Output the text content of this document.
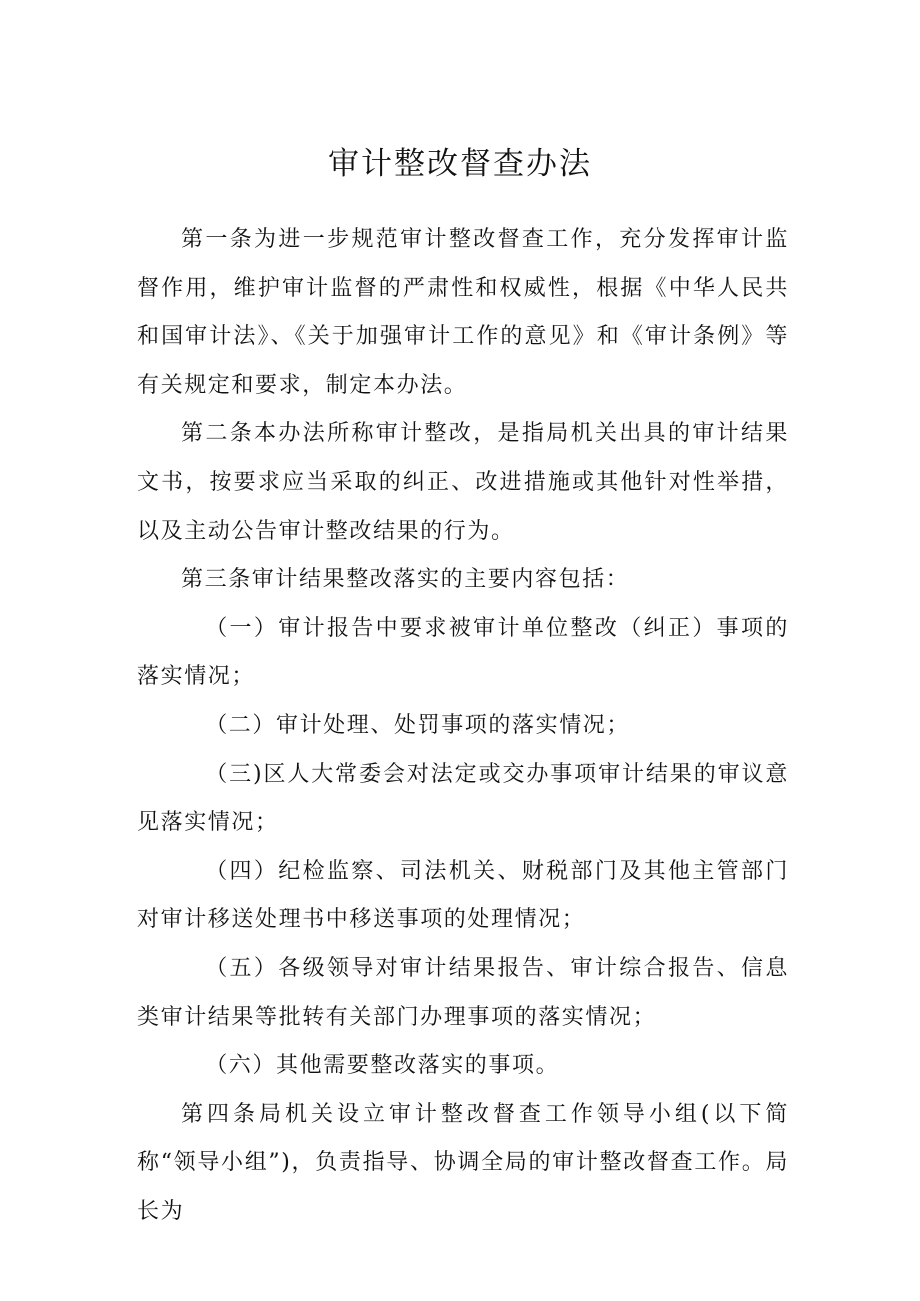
审计整改督查办法

第一条为进一步规范审计整改督查工作，充分发挥审计监督作用，维护审计监督的严肃性和权威性，根据《中华人民共和国审计法》、《关于加强审计工作的意见》和《审计条例》等有关规定和要求，制定本办法。

第二条本办法所称审计整改，是指局机关出具的审计结果文书，按要求应当采取的纠正、改进措施或其他针对性举措，以及主动公告审计整改结果的行为。

第三条审计结果整改落实的主要内容包括：

（一）审计报告中要求被审计单位整改（纠正）事项的落实情况；

（二）审计处理、处罚事项的落实情况；

（三)区人大常委会对法定或交办事项审计结果的审议意见落实情况；

（四）纪检监察、司法机关、财税部门及其他主管部门对审计移送处理书中移送事项的处理情况；

（五）各级领导对审计结果报告、审计综合报告、信息类审计结果等批转有关部门办理事项的落实情况；

（六）其他需要整改落实的事项。

第四条局机关设立审计整改督查工作领导小组(以下简称“领导小组”)，负责指导、协调全局的审计整改督查工作。局长为
